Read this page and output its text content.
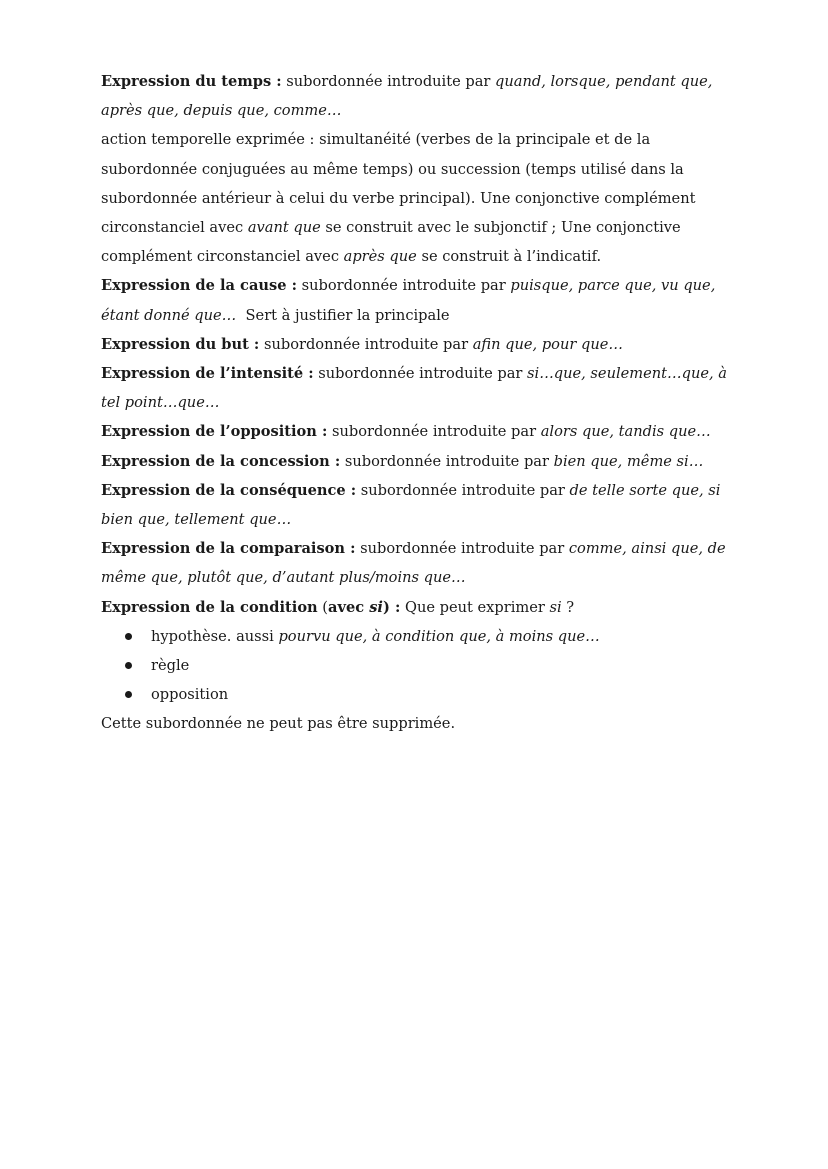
Expression du temps : subordonnée introduite par quand, lorsque, pendant que, après que, depuis que, comme…

action temporelle exprimée : simultanéité (verbes de la principale et de la subordonnée conjuguées au même temps) ou succession (temps utilisé dans la subordonnée antérieur à celui du verbe principal). Une conjonctive complément circonstanciel avec avant que se construit avec le subjonctif ; Une conjonctive complément circonstanciel avec après que se construit à l’indicatif.

Expression de la cause : subordonnée introduite par puisque, parce que, vu que, étant donné que…  Sert à justifier la principale

Expression du but : subordonnée introduite par afin que, pour que…

Expression de l’intensité : subordonnée introduite par si…que, seulement…que, à tel point…que…

Expression de l’opposition : subordonnée introduite par alors que, tandis que…

Expression de la concession : subordonnée introduite par bien que, même si…

Expression de la conséquence : subordonnée introduite par de telle sorte que, si bien que, tellement que…

Expression de la comparaison : subordonnée introduite par comme, ainsi que, de même que, plutôt que, d’autant plus/moins que…

Expression de la condition (avec si) : Que peut exprimer si ?

hypothèse. aussi pourvu que, à condition que, à moins que…
règle
opposition

Cette subordonnée ne peut pas être supprimée.
